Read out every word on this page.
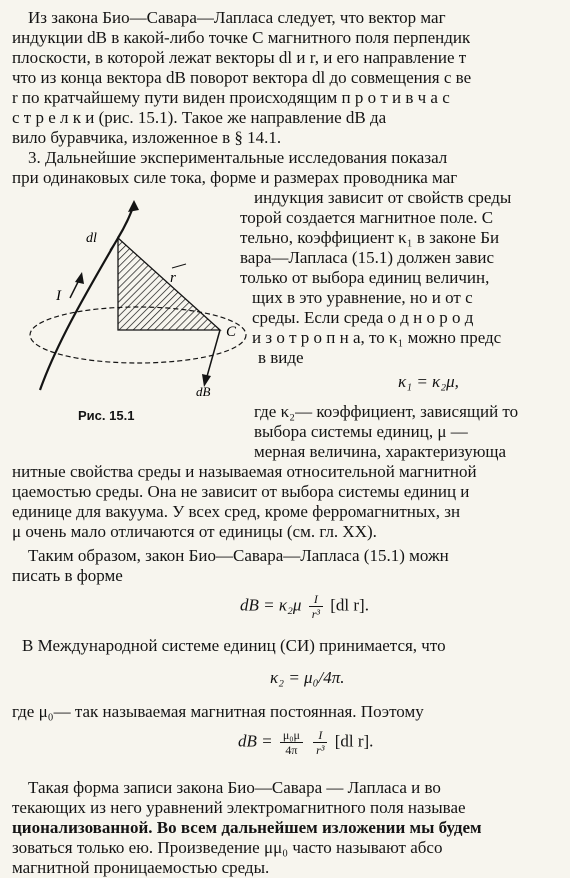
Из закона Био—Савара—Лапласа следует, что вектор маг
индукции dB в какой-либо точке C магнитного поля перпендик
плоскости, в которой лежат векторы dl и r, и его направление т
что из конца вектора dB поворот вектора dl до совмещения с ве
r по кратчайшему пути виден происходящим п р о т и в ч а с
с т р е л к и (рис. 15.1). Такое же направление dB да
вило буравчика, изложенное в § 14.1.
3. Дальнейшие экспериментальные исследования показал
при одинаковых силе тока, форме и размерах проводника маг
dl
I
r
C
dB
Рис. 15.1
индукция завиcит от свойств среды
торой создается магнитное поле. С
тельно, коэффициент κ₁ в законе Би
вара—Лапласа (15.1) должен завис
только от выбора единиц величин,
щих в это уравнение, но и от с
среды. Если среда о д н о р о д
и з о т р о п н а, то κ₁ можно предс
в виде
κ₁ = κ₂μ,
где κ₂— коэффициент, зависящий то
выбора системы единиц, μ —
мерная величина, характеризующа
нитные свойства среды и называемая относительной магнитной
цаемостью среды. Она не зависит от выбора системы единиц и
единице для вакуума. У всех сред, кроме ферромагнитных, зн
μ очень мало отличаются от единицы (см. гл. XX).
Таким образом, закон Био—Савара—Лапласа (15.1) можн
писать в форме
dB = $\kappa_2\mu \frac{I}{\text{r³}} [dl$ r].
В Международной системе единиц (СИ) принимается, что
κ₂ = μ₀/4π.
где μ₀— так называемая магнитная постоянная. Поэтому
dB = $\frac{\text{μ₀μ}}{4\pi}$
$\frac{I}{\text{r³}} [dl$ r].
Такая форма записи закона Био—Савара — Лапласа и во
текающих из него уравнений электромагнитного поля называе
ционализованной. Во всем дальнейшем изложении мы будем
зоваться только ею. Произведение μμ₀ часто называют абсо
магнитной проницаемостью среды.
